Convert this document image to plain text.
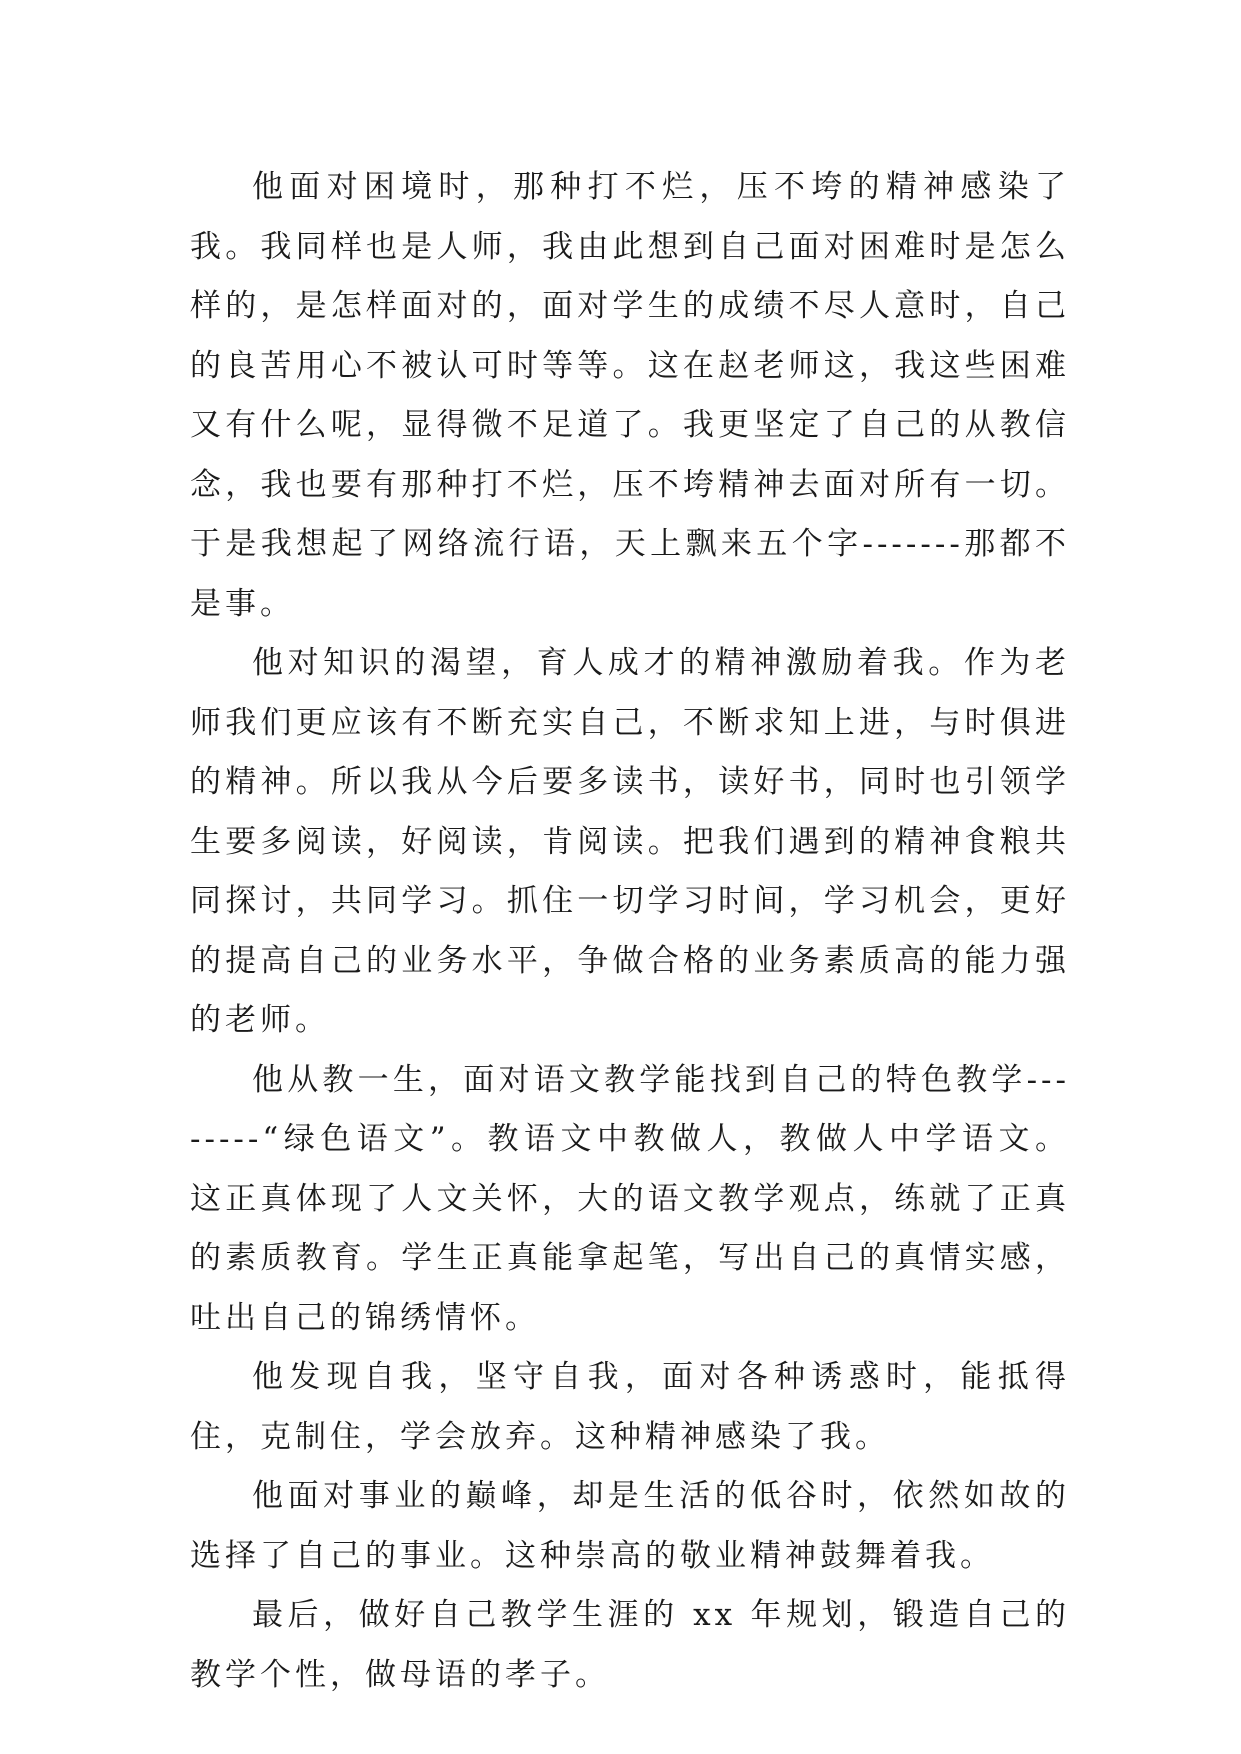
他面对困境时，那种打不烂，压不垮的精神感染了我。我同样也是人师，我由此想到自己面对困难时是怎么样的，是怎样面对的，面对学生的成绩不尽人意时，自己的良苦用心不被认可时等等。这在赵老师这，我这些困难又有什么呢，显得微不足道了。我更坚定了自己的从教信念，我也要有那种打不烂，压不垮精神去面对所有一切。于是我想起了网络流行语，天上飘来五个字-------那都不是事。

他对知识的渴望，育人成才的精神激励着我。作为老师我们更应该有不断充实自己，不断求知上进，与时俱进的精神。所以我从今后要多读书，读好书，同时也引领学生要多阅读，好阅读，肯阅读。把我们遇到的精神食粮共同探讨，共同学习。抓住一切学习时间，学习机会，更好的提高自己的业务水平，争做合格的业务素质高的能力强的老师。

他从教一生，面对语文教学能找到自己的特色教学--------“绿色语文”。教语文中教做人，教做人中学语文。这正真体现了人文关怀，大的语文教学观点，练就了正真的素质教育。学生正真能拿起笔，写出自己的真情实感，吐出自己的锦绣情怀。

他发现自我，坚守自我，面对各种诱惑时，能抵得住，克制住，学会放弃。这种精神感染了我。

他面对事业的巅峰，却是生活的低谷时，依然如故的选择了自己的事业。这种崇高的敬业精神鼓舞着我。

最后，做好自己教学生涯的 xx 年规划，锻造自己的教学个性，做母语的孝子。
